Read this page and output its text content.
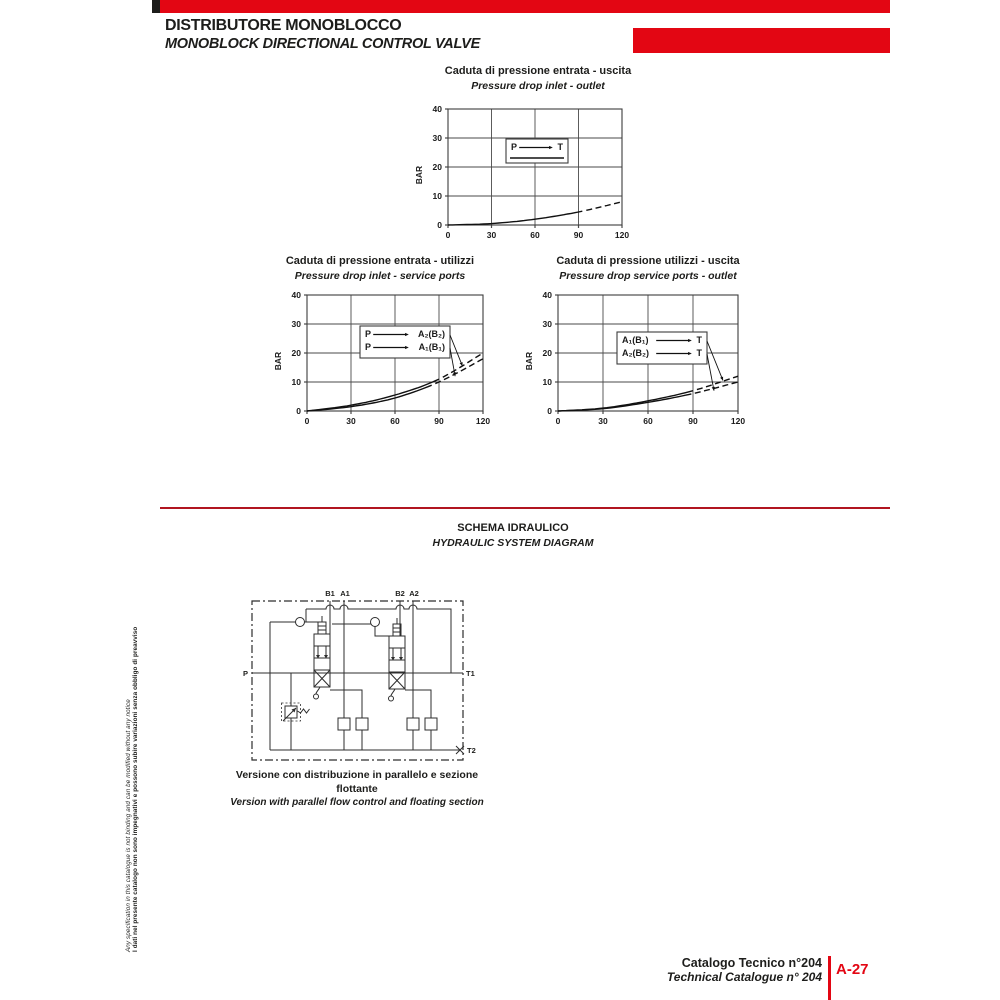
DISTRIBUTORE MONOBLOCCO
MONOBLOCK DIRECTIONAL CONTROL VALVE
Caduta di pressione entrata - uscita
Pressure drop inlet - outlet
0	30	60	90	120
0
10
20
30
40
BAR
P	T
Caduta di pressione entrata - utilizzi
Pressure drop inlet - service ports
0	30	60	90	120
0
10
20
30
40
BAR
P	A₂(B₂)
P	A₁(B₁)
Caduta di pressione utilizzi - uscita
Pressure drop service ports - outlet
0	30	60	90	120
0
10
20
30
40
BAR
A₁(B₁)	T
A₂(B₂)	T
SCHEMA IDRAULICO
HYDRAULIC SYSTEM DIAGRAM
B1 A1	B2 A2
P	T1
T2
Versione con distribuzione in parallelo e sezione flottante
Version with parallel flow control and floating section
I dati nel presente catalogo non sono impegnativi e possono subire variazioni senza obbligo di preavviso
Any specification in this catalogue is not binding and can be modified without any notice
Catalogo Tecnico n°204
Technical Catalogue n° 204 A-27
